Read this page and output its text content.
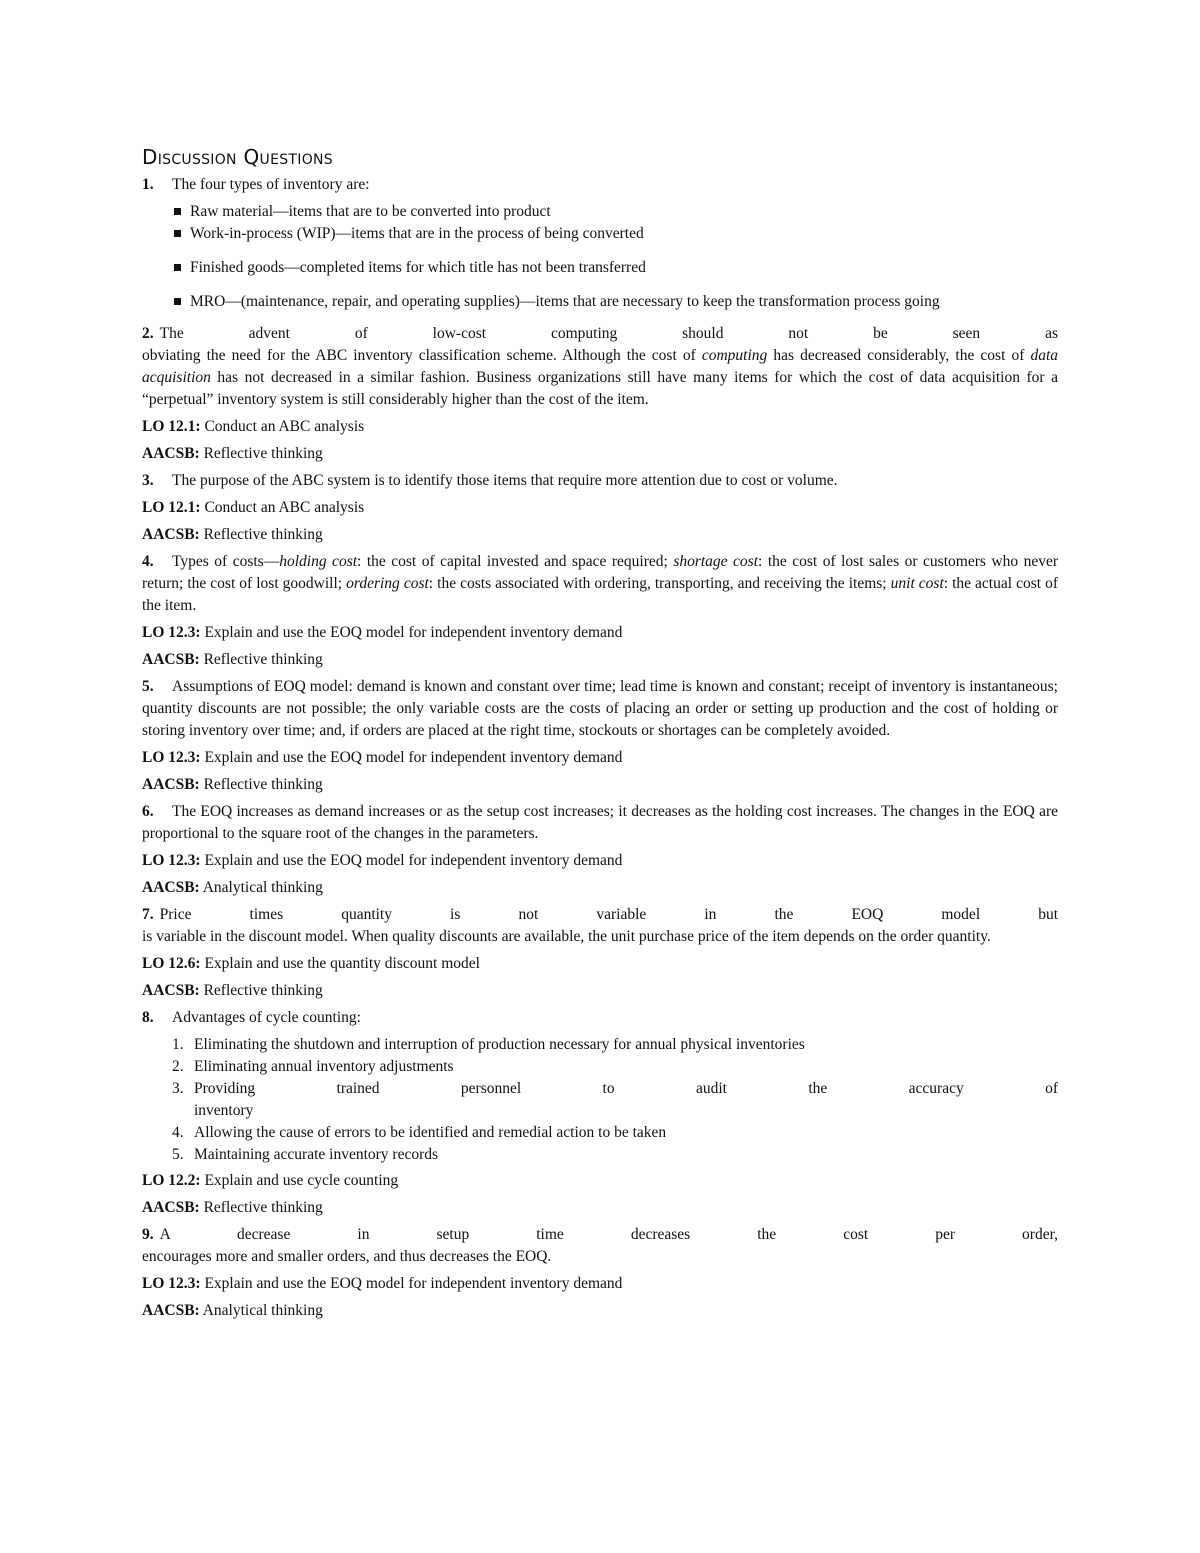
Discussion Questions
1. The four types of inventory are:
Raw material—items that are to be converted into product
Work-in-process (WIP)—items that are in the process of being converted
Finished goods—completed items for which title has not been transferred
MRO—(maintenance, repair, and operating supplies)—items that are necessary to keep the transformation process going
2. The advent of low-cost computing should not be seen as
obviating the need for the ABC inventory classification scheme. Although the cost of computing has decreased considerably, the cost of data acquisition has not decreased in a similar fashion. Business organizations still have many items for which the cost of data acquisition for a “perpetual” inventory system is still considerably higher than the cost of the item.
LO 12.1: Conduct an ABC analysis
AACSB: Reflective thinking
3. The purpose of the ABC system is to identify those items that require more attention due to cost or volume.
LO 12.1: Conduct an ABC analysis
AACSB: Reflective thinking
4. Types of costs—holding cost: the cost of capital invested and space required; shortage cost: the cost of lost sales or customers who never return; the cost of lost goodwill; ordering cost: the costs associated with ordering, transporting, and receiving the items; unit cost: the actual cost of the item.
LO 12.3: Explain and use the EOQ model for independent inventory demand
AACSB: Reflective thinking
5. Assumptions of EOQ model: demand is known and constant over time; lead time is known and constant; receipt of inventory is instantaneous; quantity discounts are not possible; the only variable costs are the costs of placing an order or setting up production and the cost of holding or storing inventory over time; and, if orders are placed at the right time, stockouts or shortages can be completely avoided.
LO 12.3: Explain and use the EOQ model for independent inventory demand
AACSB: Reflective thinking
6. The EOQ increases as demand increases or as the setup cost increases; it decreases as the holding cost increases. The changes in the EOQ are proportional to the square root of the changes in the parameters.
LO 12.3: Explain and use the EOQ model for independent inventory demand
AACSB: Analytical thinking
7. Price times quantity is not variable in the EOQ model but
is variable in the discount model. When quality discounts are available, the unit purchase price of the item depends on the order quantity.
LO 12.6: Explain and use the quantity discount model
AACSB: Reflective thinking
8. Advantages of cycle counting:
1. Eliminating the shutdown and interruption of production necessary for annual physical inventories
2. Eliminating annual inventory adjustments
3. Providing trained personnel to audit the accuracy of
inventory
4. Allowing the cause of errors to be identified and remedial action to be taken
5. Maintaining accurate inventory records
LO 12.2: Explain and use cycle counting
AACSB: Reflective thinking
9. A decrease in setup time decreases the cost per order,
encourages more and smaller orders, and thus decreases the EOQ.
LO 12.3: Explain and use the EOQ model for independent inventory demand
AACSB: Analytical thinking
